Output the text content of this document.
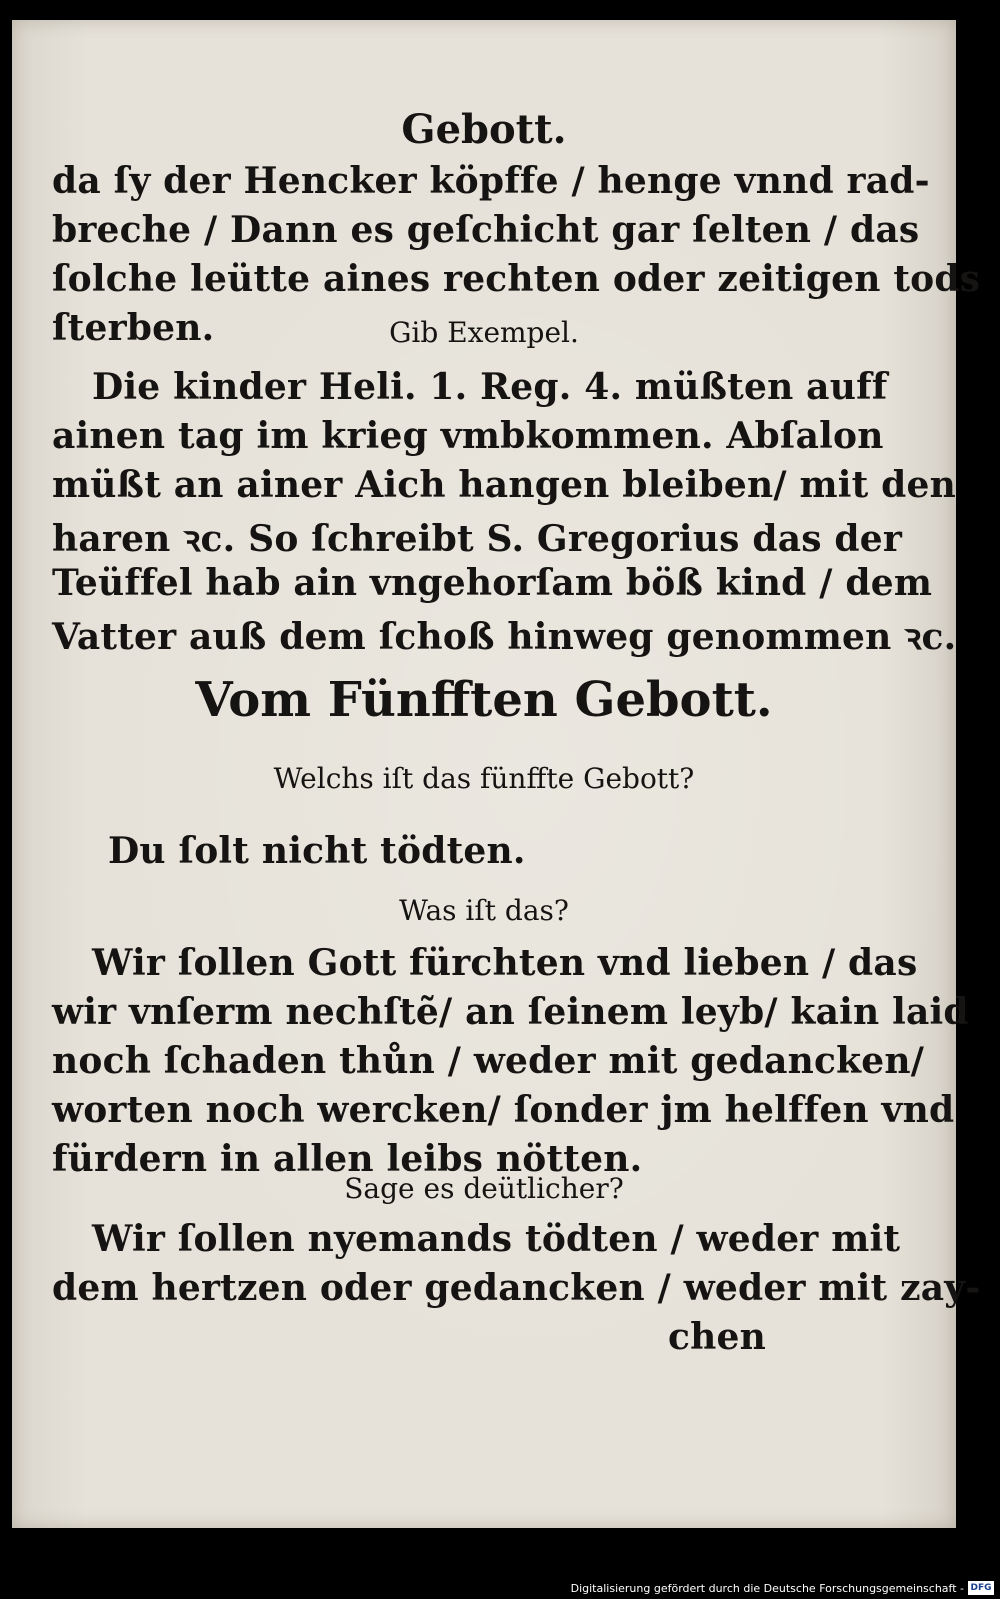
Gebott.
da ſy der Hencker köpffe / henge vnnd rad-
breche / Dann es geſchicht gar ſelten / das
ſolche leütte aines rechten oder zeitigen tods
ſterben.	Gib Exempel.
Die kinder Heli. 1. Reg. 4. müßten auff
ainen tag im krieg vmbkommen. Abſalon
müßt an ainer Aich hangen bleiben/ mit den
haren ꝛc. So ſchreibt S. Gregorius das der
Teüffel hab ain vngehorſam böß kind / dem
Vatter auß dem ſchoß hinweg genommen ꝛc.
Vom Fünfften Gebott.
Welchs iſt das fünffte Gebott?
Du ſolt nicht tödten.
Was iſt das?
Wir ſollen Gott fürchten vnd lieben / das
wir vnſerm nechſtẽ/ an ſeinem leyb/ kain laid
noch ſchaden thůn / weder mit gedancken/
worten noch wercken/ ſonder jm helffen vnd
fürdern in allen leibs nötten.
Sage es deütlicher?
Wir ſollen nyemands tödten / weder mit
dem hertzen oder gedancken / weder mit zay-
chen
Digitalisierung gefördert durch die Deutsche Forschungsgemeinschaft - DFG
